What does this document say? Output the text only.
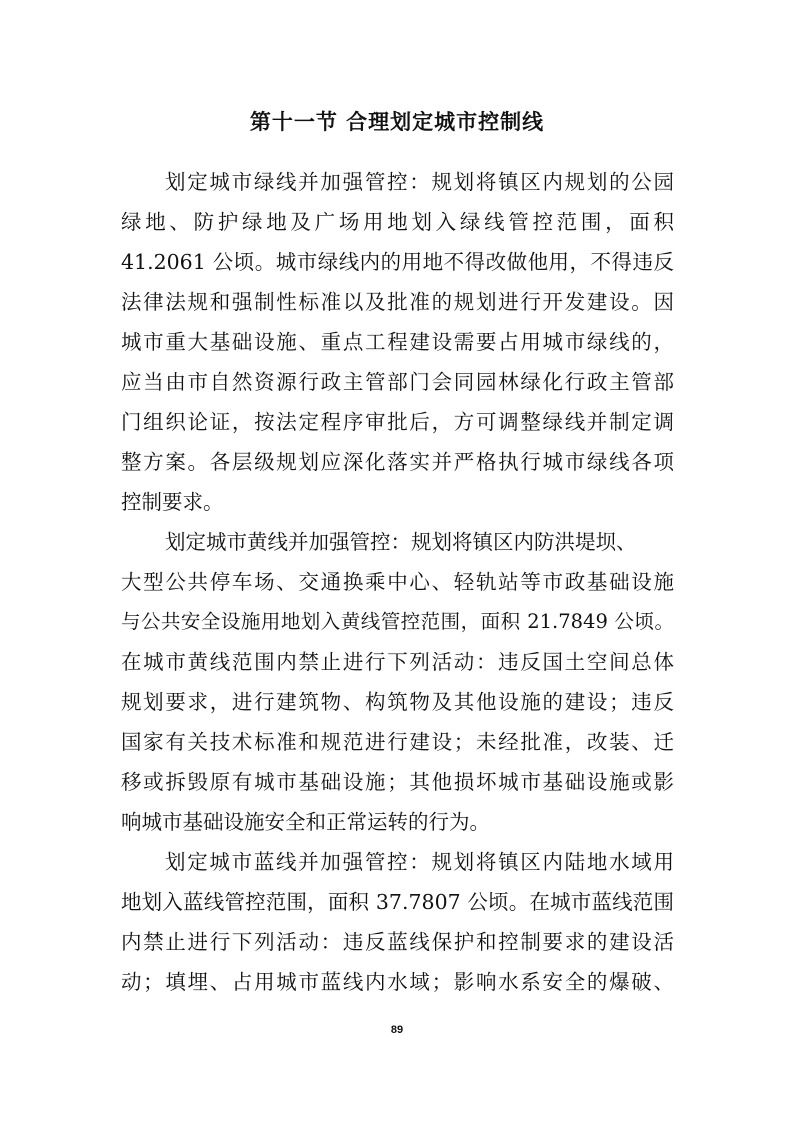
第十一节 合理划定城市控制线
划定城市绿线并加强管控：规划将镇区内规划的公园
绿地、防护绿地及广场用地划入绿线管控范围，面积
41.2061 公顷。城市绿线内的用地不得改做他用，不得违反
法律法规和强制性标准以及批准的规划进行开发建设。因
城市重大基础设施、重点工程建设需要占用城市绿线的，
应当由市自然资源行政主管部门会同园林绿化行政主管部
门组织论证，按法定程序审批后，方可调整绿线并制定调
整方案。各层级规划应深化落实并严格执行城市绿线各项
控制要求。
划定城市黄线并加强管控：规划将镇区内防洪堤坝、
大型公共停车场、交通换乘中心、轻轨站等市政基础设施
与公共安全设施用地划入黄线管控范围，面积 21.7849 公顷。
在城市黄线范围内禁止进行下列活动：违反国土空间总体
规划要求，进行建筑物、构筑物及其他设施的建设；违反
国家有关技术标准和规范进行建设；未经批准，改装、迁
移或拆毁原有城市基础设施；其他损坏城市基础设施或影
响城市基础设施安全和正常运转的行为。
划定城市蓝线并加强管控：规划将镇区内陆地水域用
地划入蓝线管控范围，面积 37.7807 公顷。在城市蓝线范围
内禁止进行下列活动：违反蓝线保护和控制要求的建设活
动；填埋、占用城市蓝线内水域；影响水系安全的爆破、
89
